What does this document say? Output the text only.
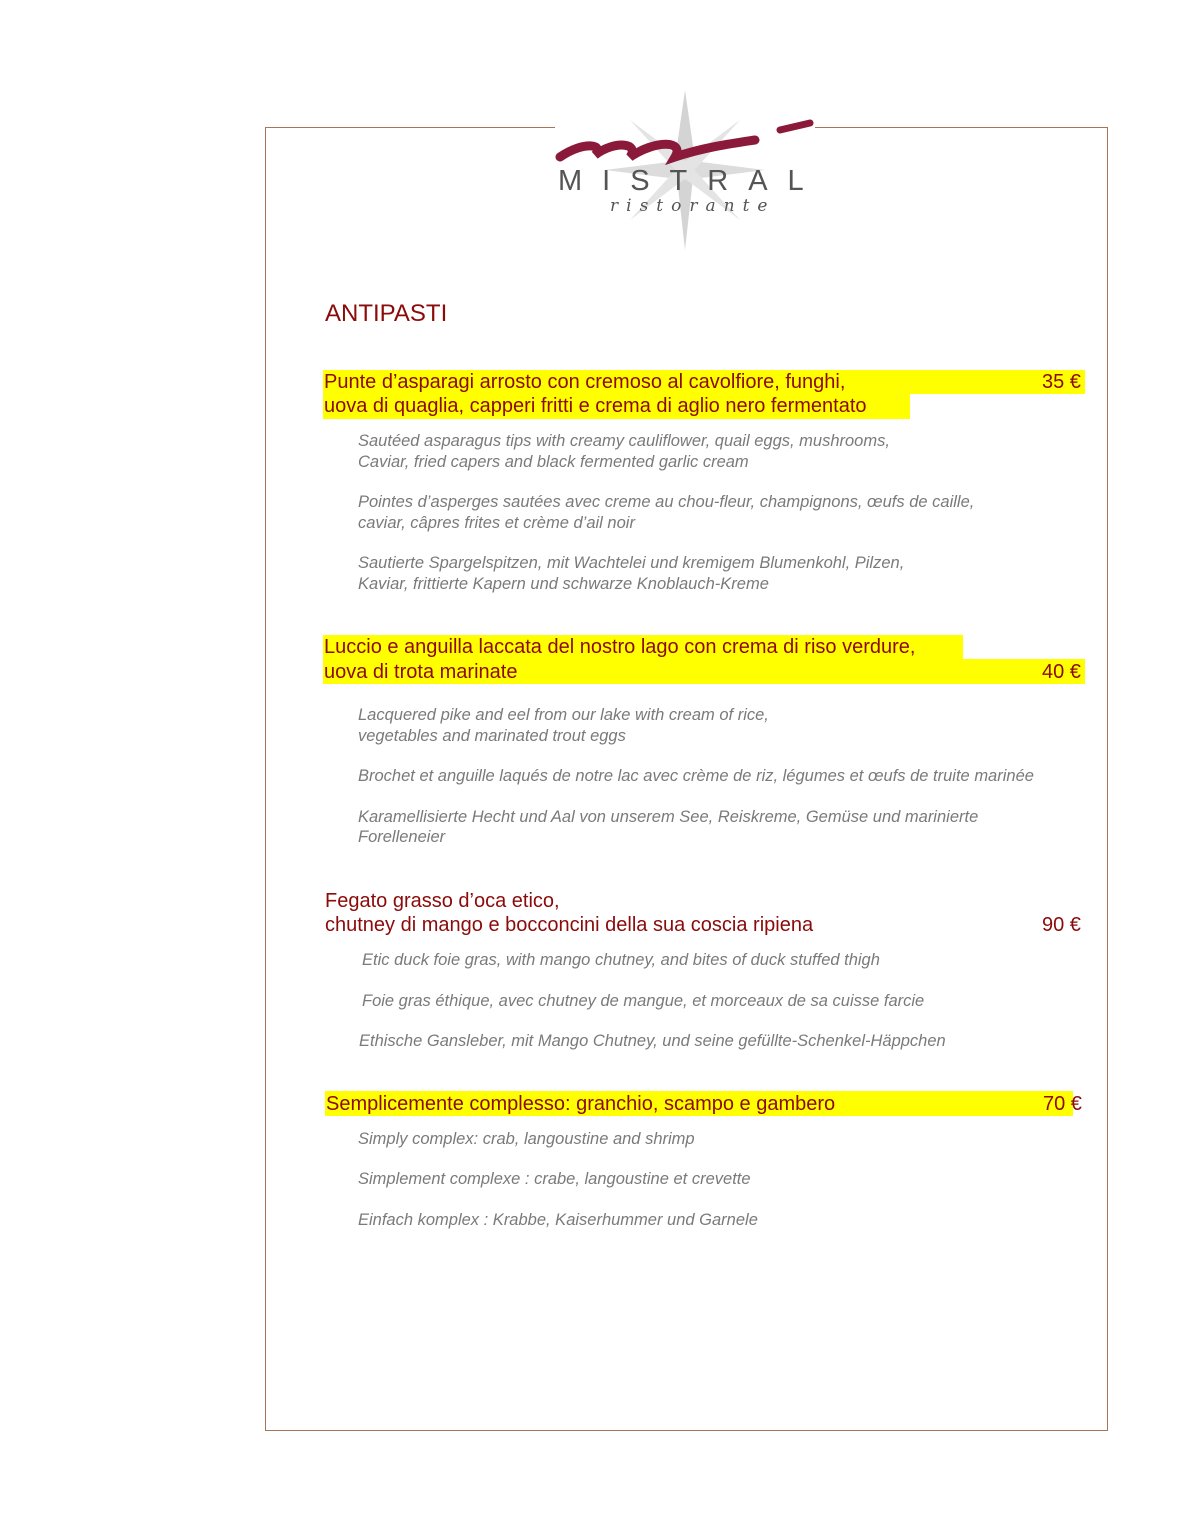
MISTRAL
ristorante
ANTIPASTI
Punte d’asparagi arrosto con cremoso al cavolfiore, funghi,
uova di quaglia, capperi fritti e crema di aglio nero fermentato
35 €
Sautéed asparagus tips with creamy cauliflower, quail eggs, mushrooms,
Caviar, fried capers and black fermented garlic cream
Pointes d’asperges sautées avec creme au chou-fleur, champignons, œufs de caille,
caviar, câpres frites et crème d’ail noir
Sautierte Spargelspitzen, mit Wachtelei und kremigem Blumenkohl, Pilzen,
Kaviar, frittierte Kapern und schwarze Knoblauch-Kreme
Luccio e anguilla laccata del nostro lago con crema di riso verdure,
uova di trota marinate	40 €
Lacquered pike and eel from our lake with cream of rice,
vegetables and marinated trout eggs
Brochet et anguille laqués de notre lac avec crème de riz, légumes et œufs de truite marinée
Karamellisierte Hecht und Aal von unserem See, Reiskreme, Gemüse und marinierte
Forelleneier
Fegato grasso d’oca etico,
chutney di mango e bocconcini della sua coscia ripiena	90 €
Etic duck foie gras, with mango chutney, and bites of duck stuffed thigh
Foie gras éthique, avec chutney de mangue, et morceaux de sa cuisse farcie
Ethische Gansleber, mit Mango Chutney, und seine gefüllte-Schenkel-Häppchen
Semplicemente complesso: granchio, scampo e gambero	70 €
Simply complex: crab, langoustine and shrimp
Simplement complexe : crabe, langoustine et crevette
Einfach komplex : Krabbe, Kaiserhummer und Garnele
